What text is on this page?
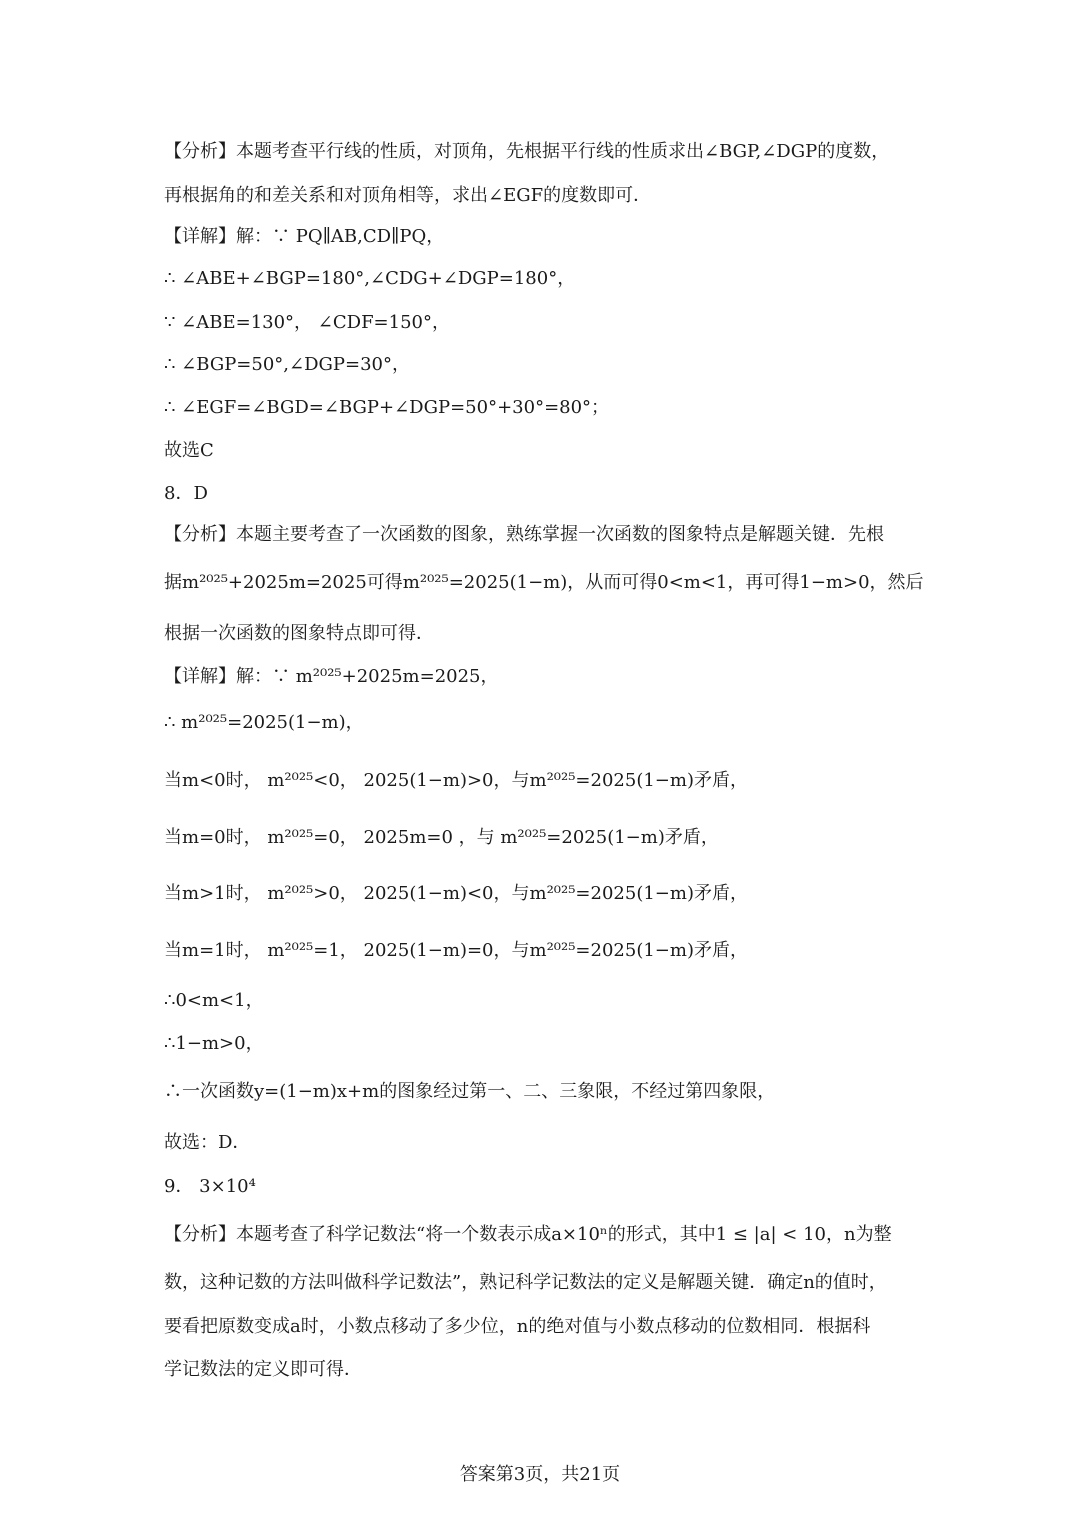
【分析】本题考查平行线的性质，对顶角，先根据平行线的性质求出∠BGP,∠DGP的度数，
再根据角的和差关系和对顶角相等，求出∠EGF的度数即可．
【详解】解：∵ PQ∥AB,CD∥PQ，
∴ ∠ABE+∠BGP=180°,∠CDG+∠DGP=180°，
∵ ∠ABE=130°， ∠CDF=150°，
∴ ∠BGP=50°,∠DGP=30°，
∴ ∠EGF=∠BGD=∠BGP+∠DGP=50°+30°=80°；
故选C
8．D
【分析】本题主要考查了一次函数的图象，熟练掌握一次函数的图象特点是解题关键．先根
据m²⁰²⁵+2025m=2025可得m²⁰²⁵=2025(1−m)，从而可得0<m<1，再可得1−m>0，然后
根据一次函数的图象特点即可得．
【详解】解：∵ m²⁰²⁵+2025m=2025，
∴ m²⁰²⁵=2025(1−m)，
当m<0时， m²⁰²⁵<0， 2025(1−m)>0，与m²⁰²⁵=2025(1−m)矛盾，
当m=0时， m²⁰²⁵=0， 2025m=0 ，与 m²⁰²⁵=2025(1−m)矛盾，
当m>1时， m²⁰²⁵>0， 2025(1−m)<0，与m²⁰²⁵=2025(1−m)矛盾，
当m=1时， m²⁰²⁵=1， 2025(1−m)=0，与m²⁰²⁵=2025(1−m)矛盾，
∴0<m<1，
∴1−m>0，
∴一次函数y=(1−m)x+m的图象经过第一、二、三象限，不经过第四象限，
故选：D．
9． 3×10⁴
【分析】本题考查了科学记数法“将一个数表示成a×10ⁿ的形式，其中1 ≤ |a| < 10，n为整
数，这种记数的方法叫做科学记数法”，熟记科学记数法的定义是解题关键．确定n的值时，
要看把原数变成a时，小数点移动了多少位，n的绝对值与小数点移动的位数相同．根据科
学记数法的定义即可得．
答案第3页，共21页
